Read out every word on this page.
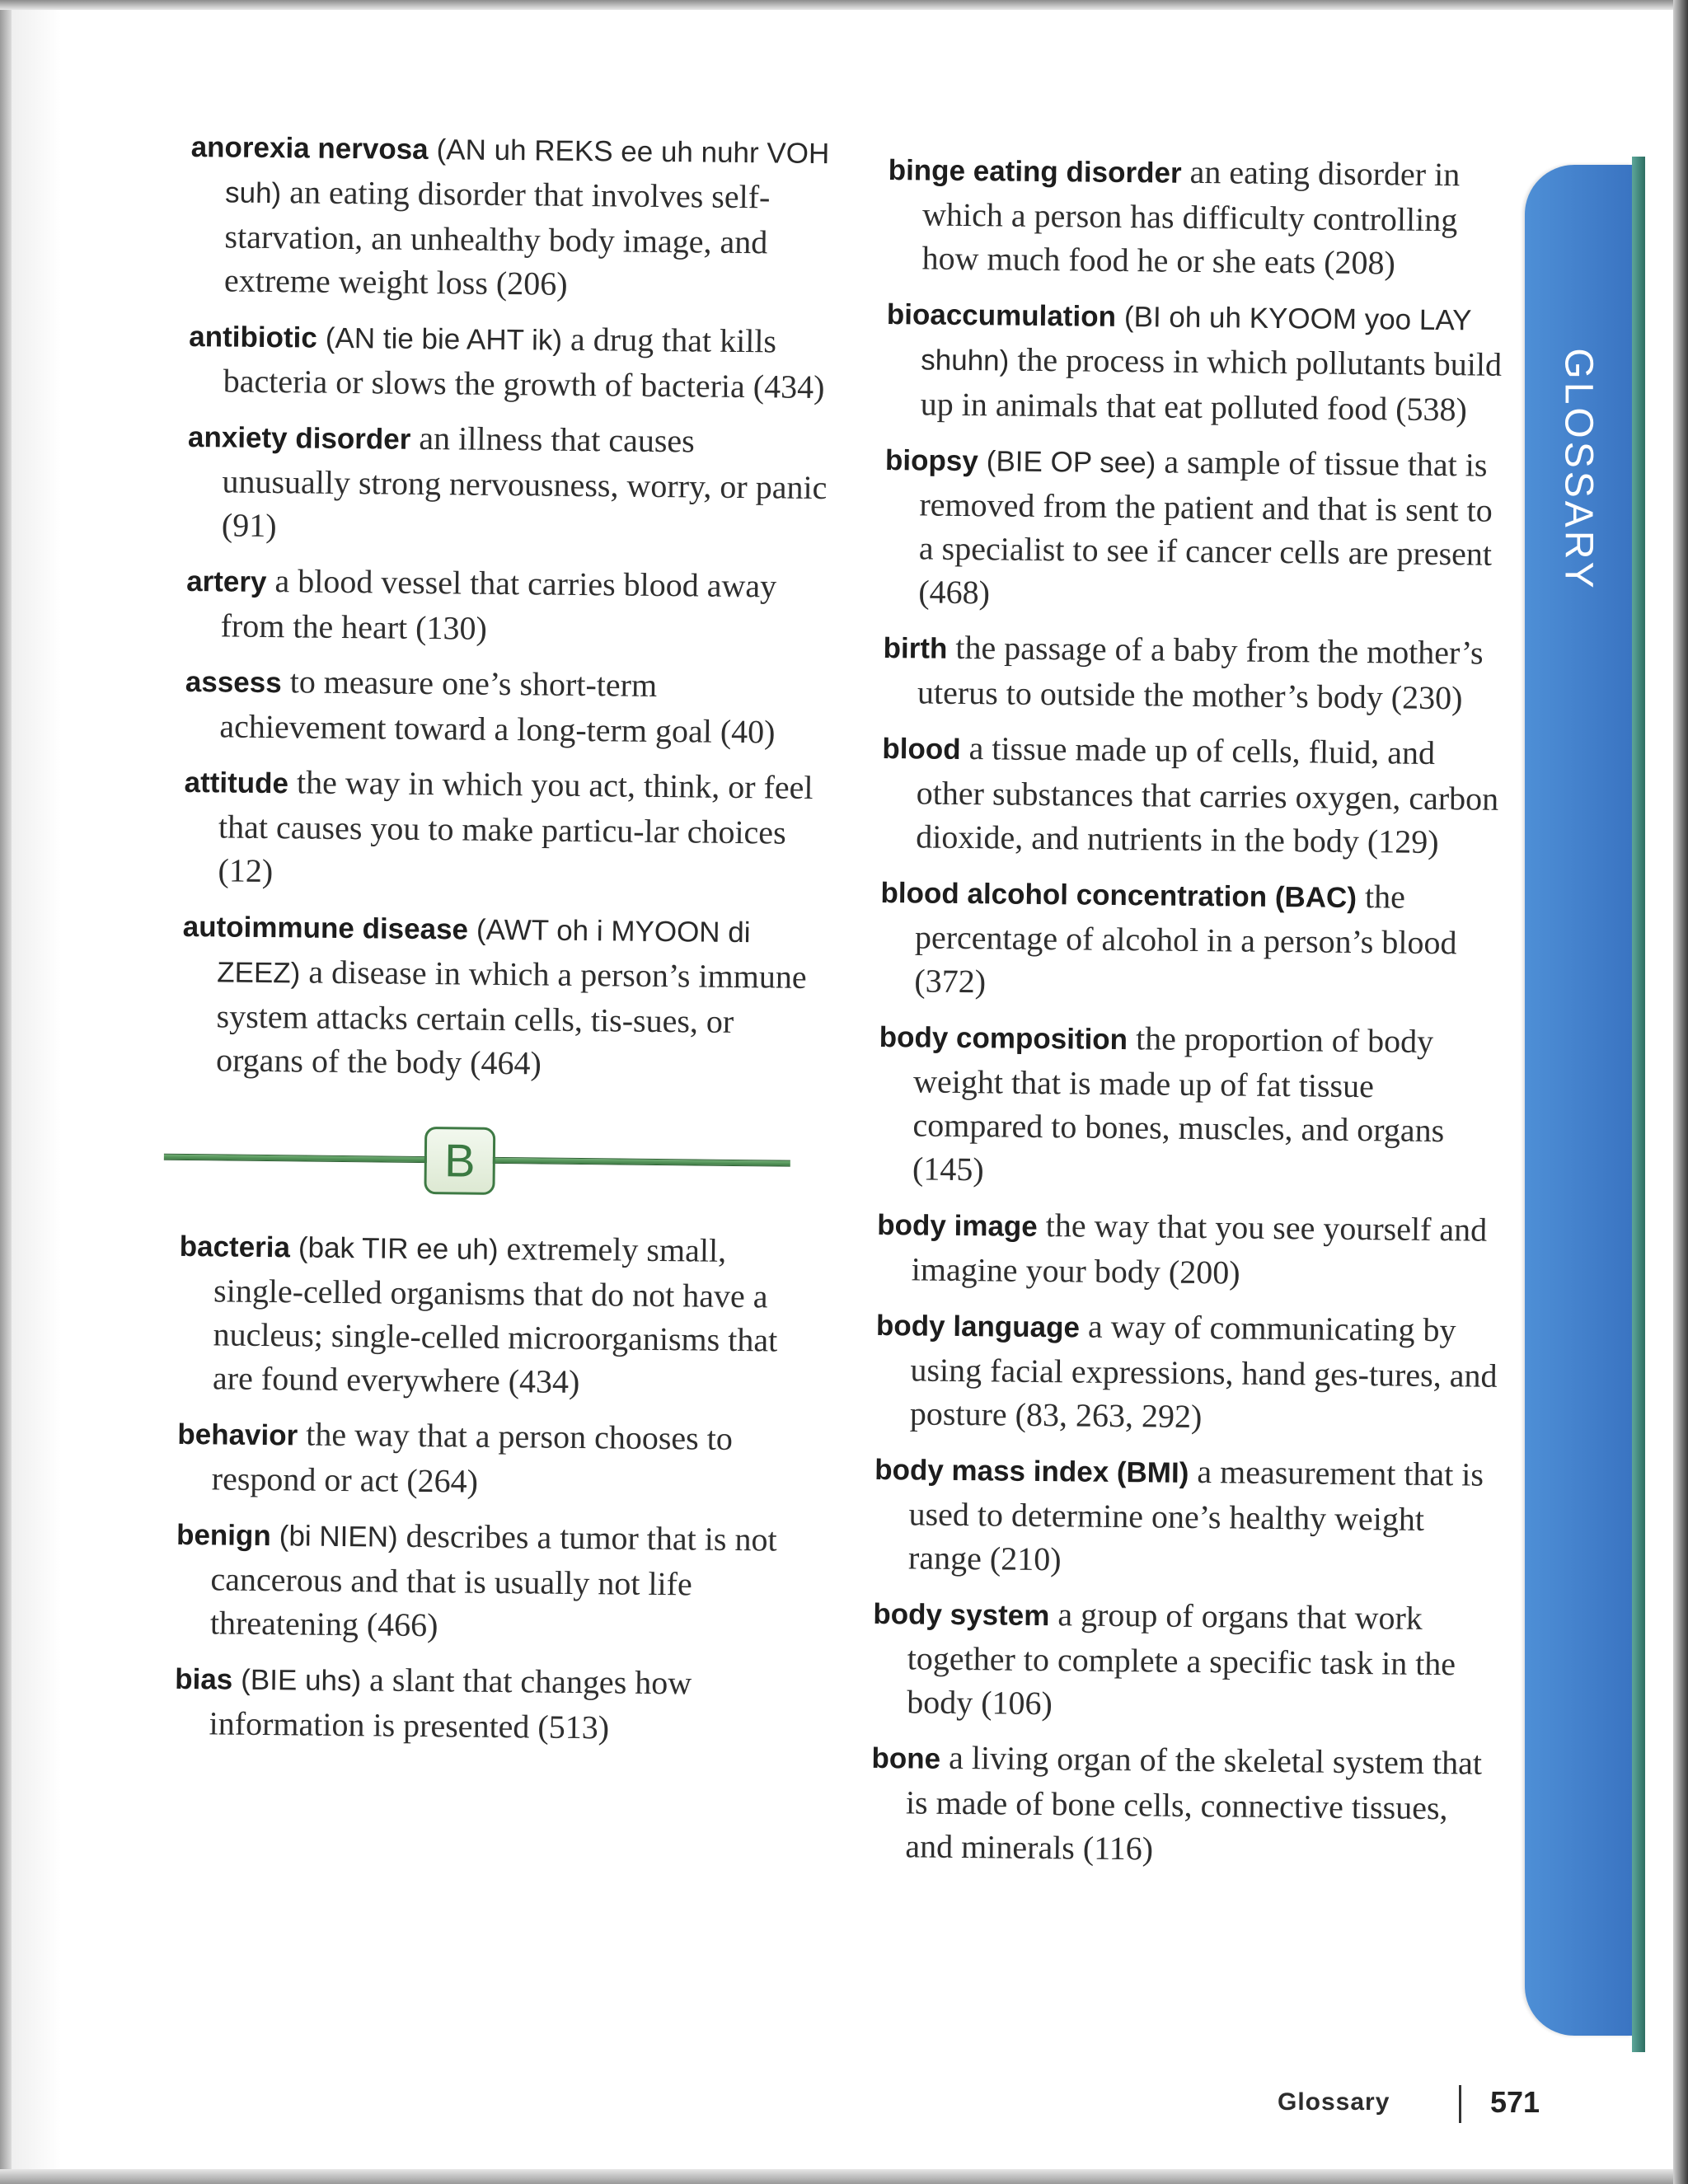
anorexia nervosa (AN uh REKS ee uh nuhr VOH suh) an eating disorder that involves self-starvation, an unhealthy body image, and extreme weight loss (206)
antibiotic (AN tie bie AHT ik) a drug that kills bacteria or slows the growth of bacteria (434)
anxiety disorder an illness that causes unusually strong nervousness, worry, or panic (91)
artery a blood vessel that carries blood away from the heart (130)
assess to measure one’s short-term achievement toward a long-term goal (40)
attitude the way in which you act, think, or feel that causes you to make particu-lar choices (12)
autoimmune disease (AWT oh i MYOON di ZEEZ) a disease in which a person’s immune system attacks certain cells, tis-sues, or organs of the body (464)
B
bacteria (bak TIR ee uh) extremely small, single-celled organisms that do not have a nucleus; single-celled microorganisms that are found everywhere (434)
behavior the way that a person chooses to respond or act (264)
benign (bi NIEN) describes a tumor that is not cancerous and that is usually not life threatening (466)
bias (BIE uhs) a slant that changes how information is presented (513)
binge eating disorder an eating disorder in which a person has difficulty controlling how much food he or she eats (208)
bioaccumulation (BI oh uh KYOOM yoo LAY shuhn) the process in which pollutants build up in animals that eat polluted food (538)
biopsy (BIE OP see) a sample of tissue that is removed from the patient and that is sent to a specialist to see if cancer cells are present (468)
birth the passage of a baby from the mother’s uterus to outside the mother’s body (230)
blood a tissue made up of cells, fluid, and other substances that carries oxygen, carbon dioxide, and nutrients in the body (129)
blood alcohol concentration (BAC) the percentage of alcohol in a person’s blood (372)
body composition the proportion of body weight that is made up of fat tissue compared to bones, muscles, and organs (145)
body image the way that you see yourself and imagine your body (200)
body language a way of communicating by using facial expressions, hand ges-tures, and posture (83, 263, 292)
body mass index (BMI) a measurement that is used to determine one’s healthy weight range (210)
body system a group of organs that work together to complete a specific task in the body (106)
bone a living organ of the skeletal system that is made of bone cells, connective tissues, and minerals (116)
GLOSSARY
Glossary	571
